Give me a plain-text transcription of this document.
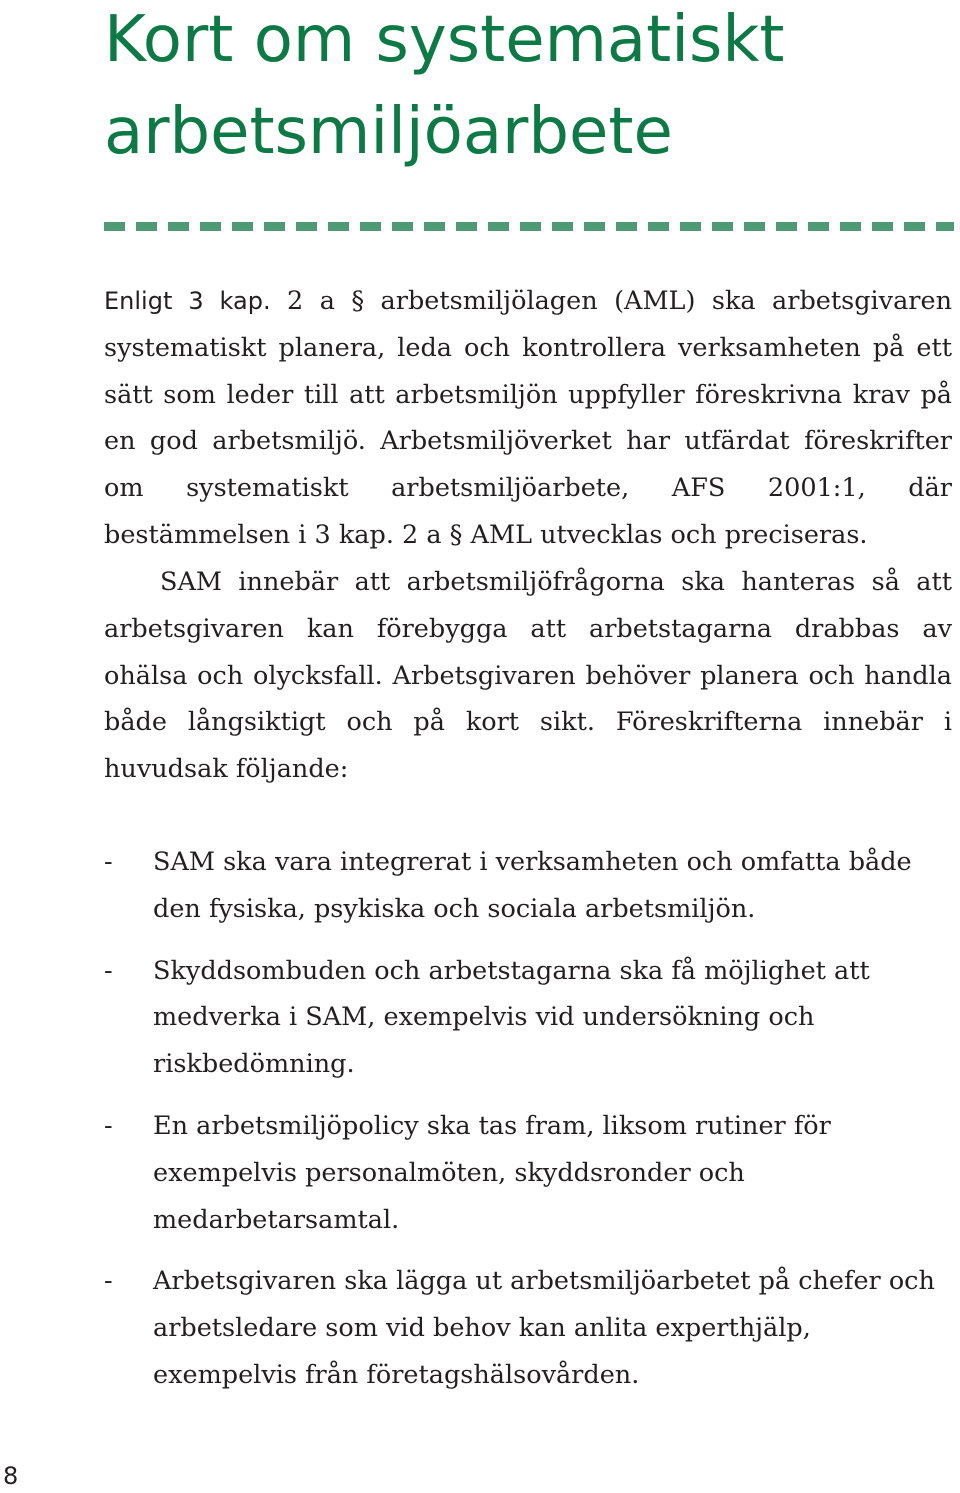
Kort om systematiskt
arbetsmiljöarbete

Enligt 3 kap. 2 a § arbetsmiljölagen (AML) ska arbetsgivaren systematiskt planera, leda och kontrollera verksamheten på ett sätt som leder till att arbetsmiljön uppfyller föreskrivna krav på en god arbetsmiljö. Arbetsmiljöverket har utfärdat föreskrifter om systematiskt arbetsmiljöarbete, AFS 2001:1, där bestämmelsen i 3 kap. 2 a § AML utvecklas och preciseras.

SAM innebär att arbetsmiljöfrågorna ska hanteras så att arbetsgivaren kan förebygga att arbetstagarna drabbas av ohälsa och olycksfall. Arbetsgivaren behöver planera och handla både långsiktigt och på kort sikt. Föreskrifterna innebär i huvudsak följande:

- SAM ska vara integrerat i verksamheten och omfatta både den fysiska, psykiska och sociala arbetsmiljön.
- Skyddsombuden och arbetstagarna ska få möjlighet att medverka i SAM, exempelvis vid undersökning och riskbedömning.
- En arbetsmiljöpolicy ska tas fram, liksom rutiner för exempelvis personalmöten, skyddsronder och medarbetarsamtal.
- Arbetsgivaren ska lägga ut arbetsmiljöarbetet på chefer och arbetsledare som vid behov kan anlita experthjälp, exempelvis från företagshälsovården.
8
